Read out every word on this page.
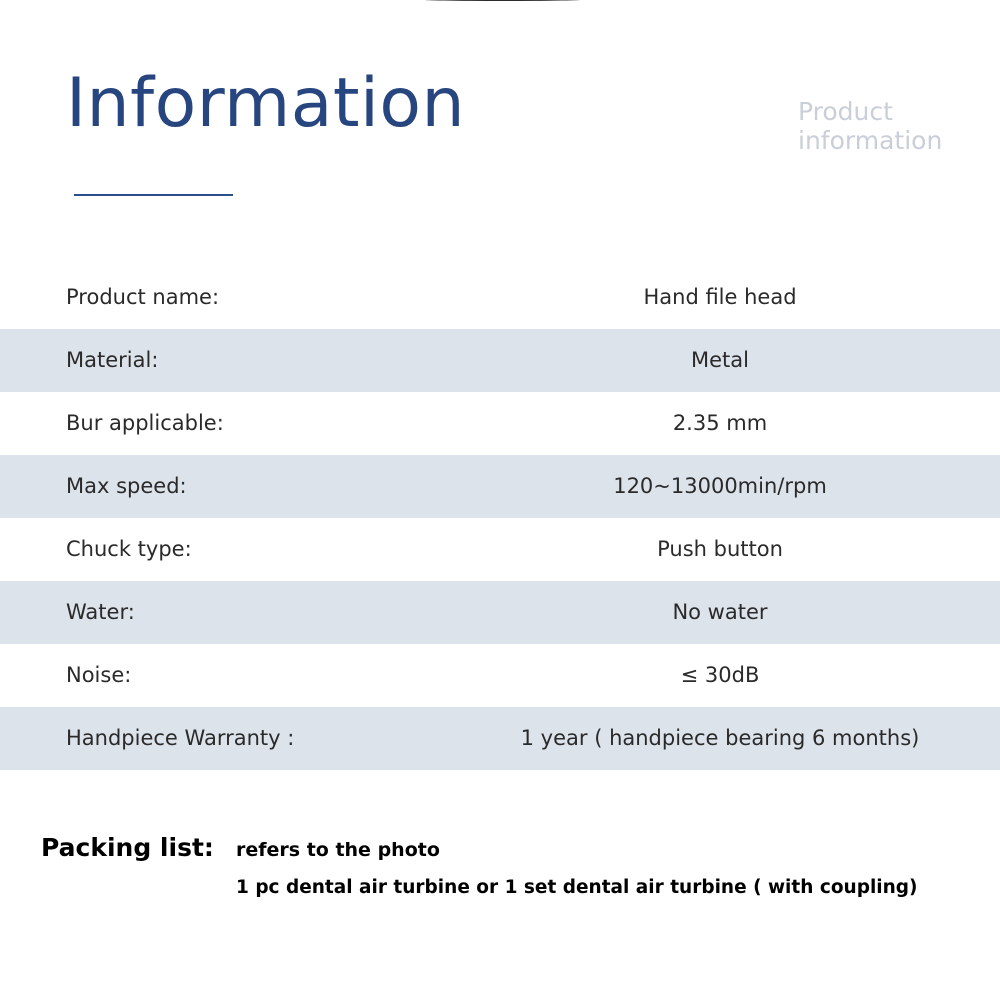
Information	Product
information
Product name:	Hand file head
Material:	Metal
Bur applicable:	2.35 mm
Max speed:	120~13000min/rpm
Chuck type:	Push button
Water:	No water
Noise:	≤ 30dB
Handpiece Warranty :	1 year ( handpiece bearing 6 months)
Packing list: refers to the photo
1 pc dental air turbine or 1 set dental air turbine ( with coupling)
